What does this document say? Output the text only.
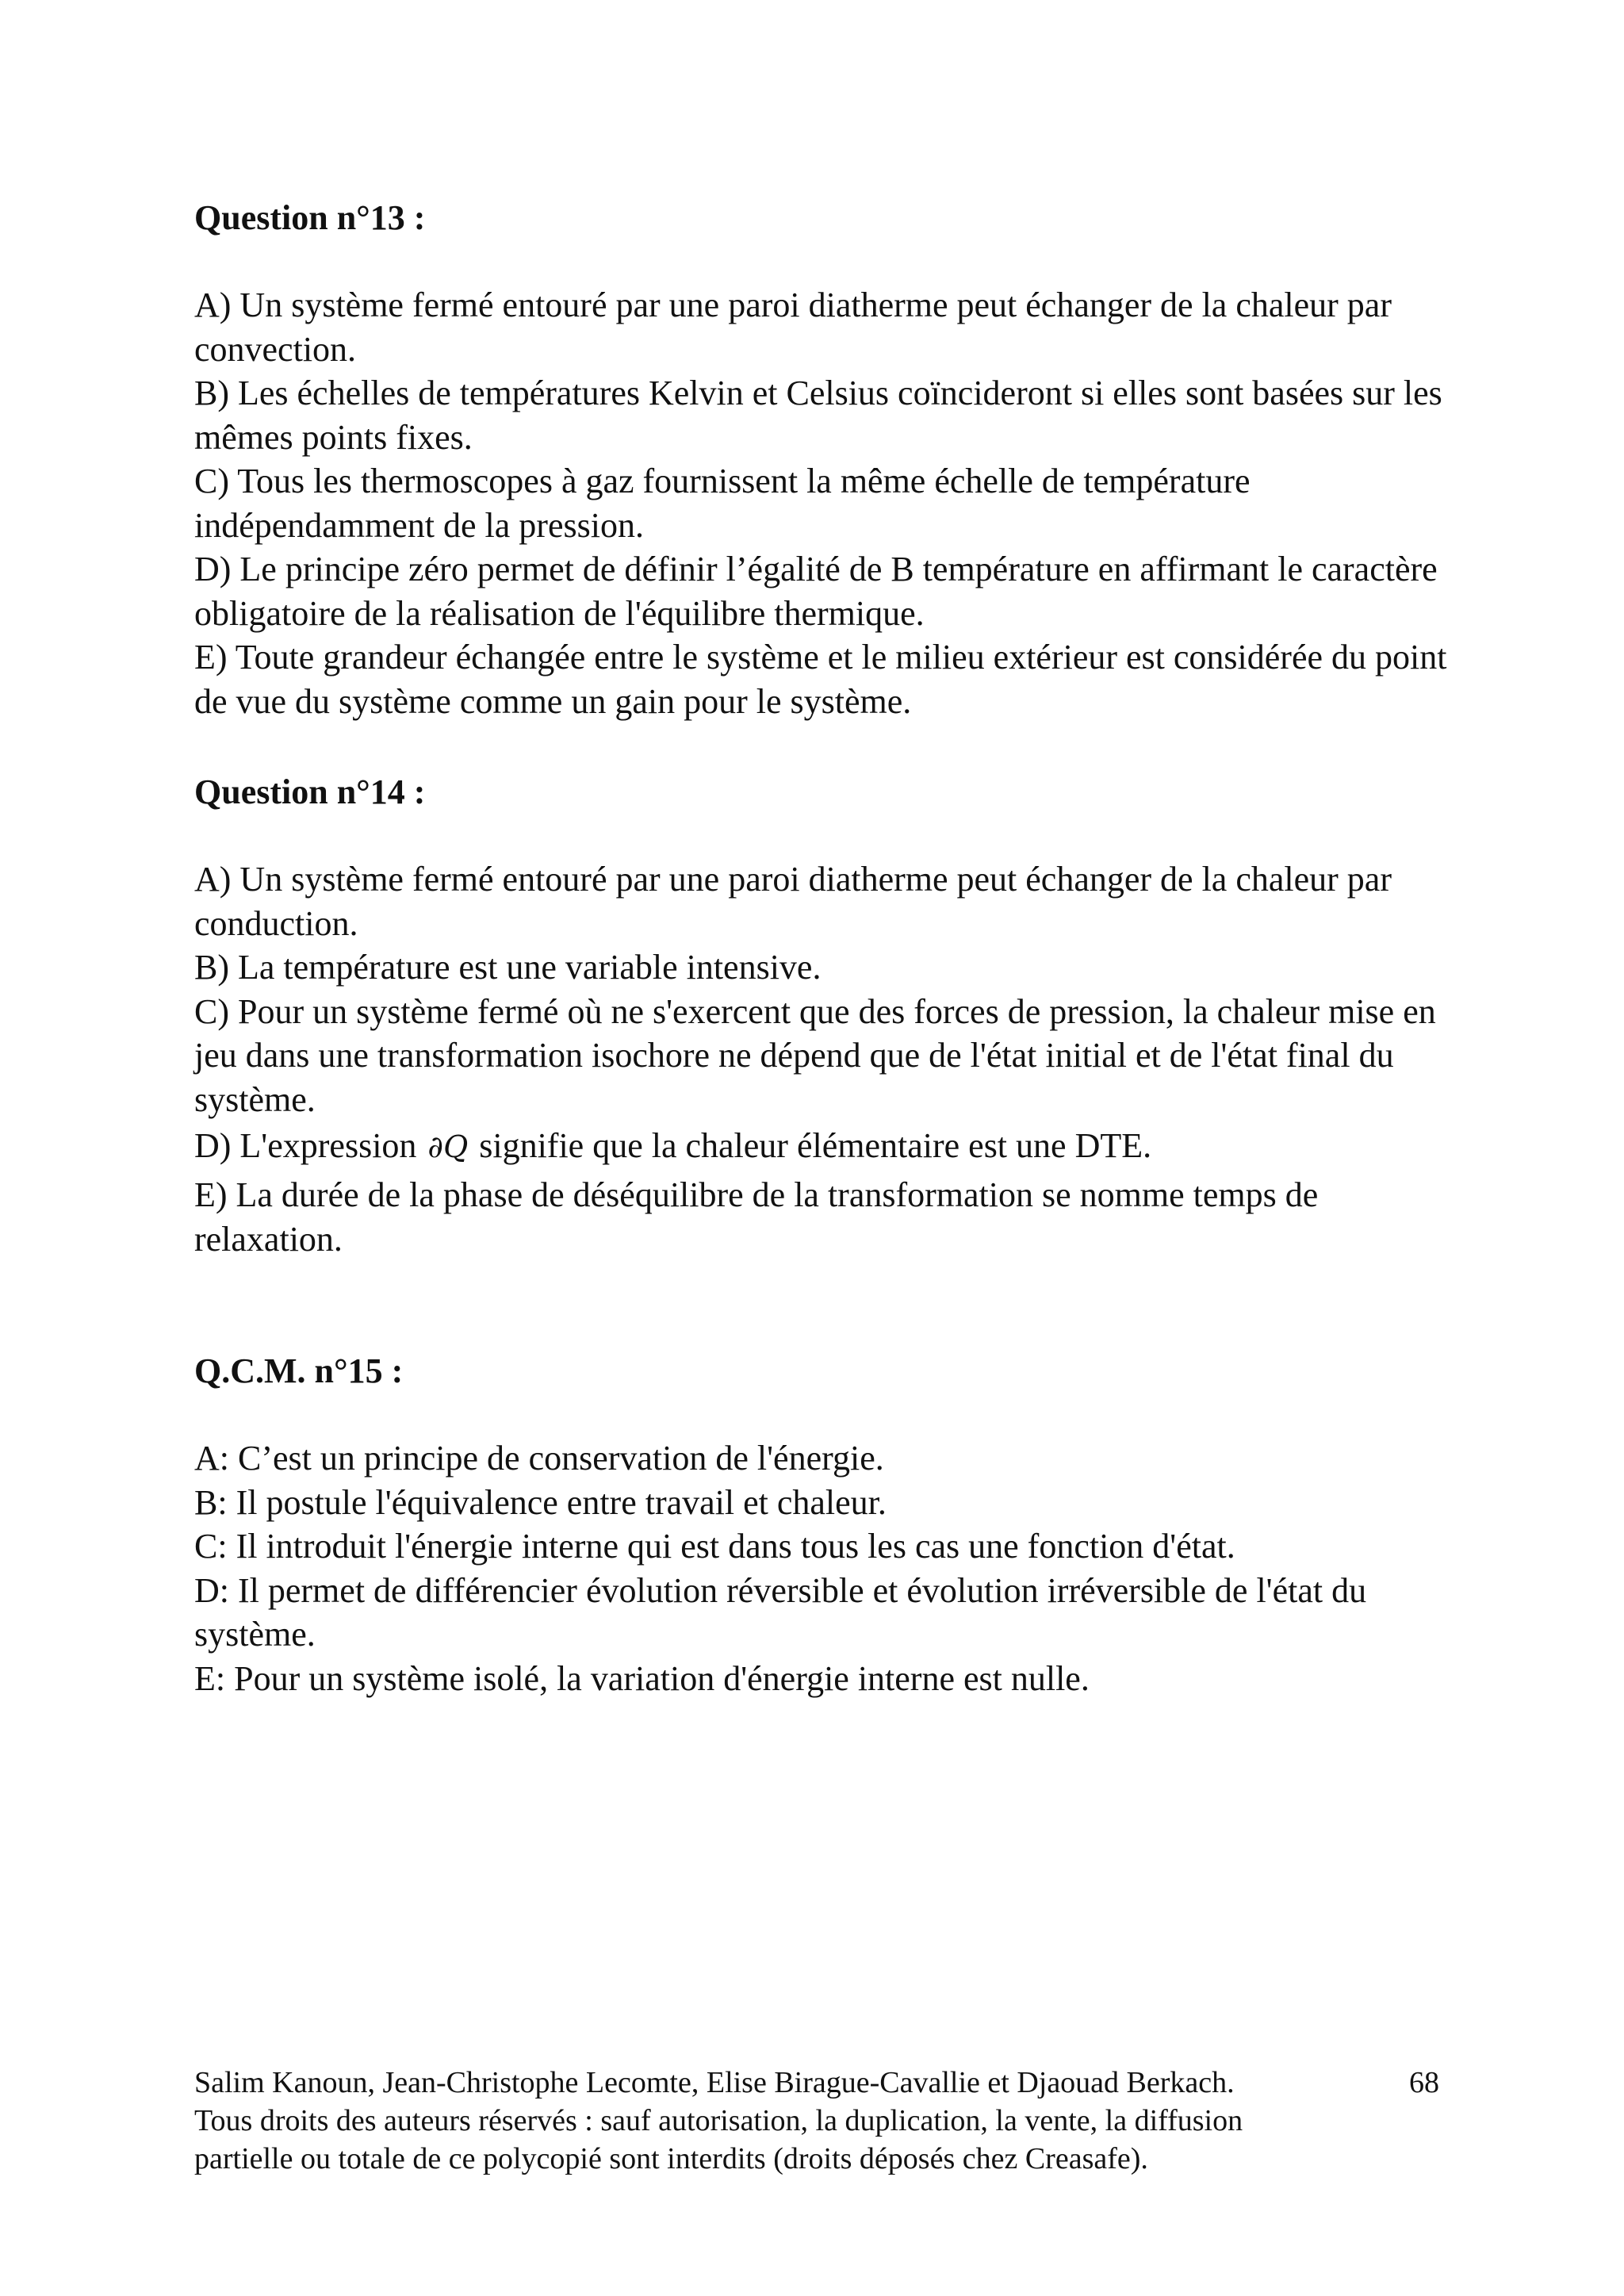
Question n°13 :

A) Un système fermé entouré par une paroi diatherme peut échanger de la chaleur par convection.

B) Les échelles de températures Kelvin et Celsius coïncideront si elles sont basées sur les mêmes points fixes.

C) Tous les thermoscopes à gaz fournissent la même échelle de température indépendamment de la pression.

D) Le principe zéro permet de définir l’égalité de B température en affirmant le caractère obligatoire de la réalisation de l'équilibre thermique.

E) Toute grandeur échangée entre le système et le milieu extérieur est considérée du point de vue du système comme un gain pour le système.

Question n°14 :

A) Un système fermé entouré par une paroi diatherme peut échanger de la chaleur par conduction.

B) La température est une variable intensive.

C) Pour un système fermé où ne s'exercent que des forces de pression, la chaleur mise en jeu dans une transformation isochore ne dépend que de l'état initial et de l'état final du système.

D) L'expression ∂Q signifie que la chaleur élémentaire est une DTE.

E) La durée de la phase de déséquilibre de la transformation se nomme temps de relaxation.

Q.C.M. n°15 :

A: C’est un principe de conservation de l'énergie.

B: Il postule l'équivalence entre travail et chaleur.

C: Il introduit l'énergie interne qui est dans tous les cas une fonction d'état.

D: Il permet de différencier évolution réversible et évolution irréversible de l'état du système.

E: Pour un système isolé, la variation d'énergie interne est nulle.

Salim Kanoun, Jean-Christophe Lecomte, Elise Birague-Cavallie et Djaouad Berkach.

Tous droits des auteurs réservés : sauf autorisation, la duplication, la vente, la diffusion

partielle ou totale de ce polycopié sont interdits (droits déposés chez Creasafe).

68
